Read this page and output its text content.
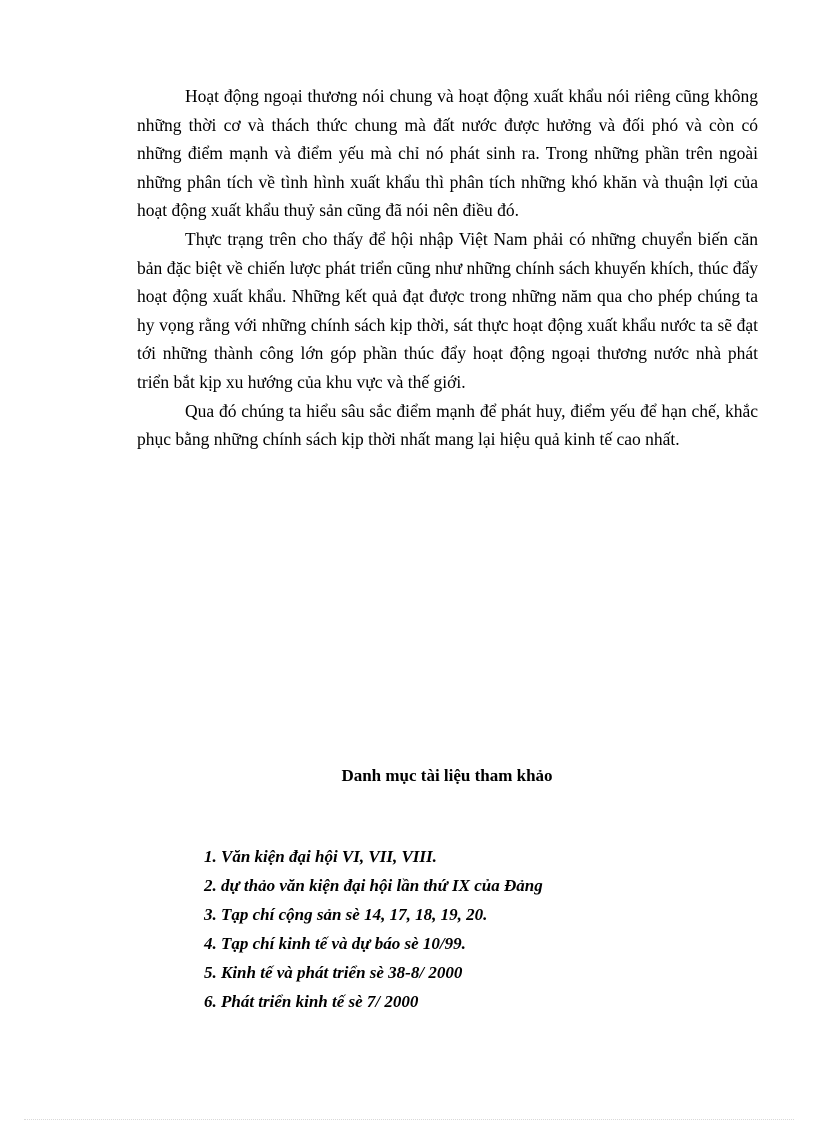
Hoạt động ngoại thương nói chung và hoạt động xuất khẩu nói riêng cũng không những thời cơ và thách thức chung mà đất nước được hưởng và đối phó và còn có những điểm mạnh và điểm yếu mà chỉ nó phát sinh ra. Trong những phần trên ngoài những phân tích về tình hình xuất khẩu thì phân tích những khó khăn và thuận lợi của hoạt động xuất khẩu thuỷ sản cũng đã nói nên điều đó.

Thực trạng trên cho thấy để hội nhập Việt Nam phải có những chuyển biến căn bản đặc biệt về chiến lược phát triển cũng như những chính sách khuyến khích, thúc đẩy hoạt động xuất khẩu. Những kết quả đạt được trong những năm qua cho phép chúng ta hy vọng rằng với những chính sách kịp thời, sát thực hoạt động xuất khẩu nước ta sẽ đạt tới những thành công lớn góp phần thúc đẩy hoạt động ngoại thương nước nhà phát triển bắt kịp xu hướng của khu vực và thế giới.

Qua đó chúng ta hiểu sâu sắc điểm mạnh để phát huy, điểm yếu để hạn chế, khắc phục bằng những chính sách kịp thời nhất mang lại hiệu quả kinh tế cao nhất.

Danh mục tài liệu tham khảo
1. Văn kiện đại hội VI, VII, VIII.
2. dự thảo văn kiện đại hội lần thứ IX của Đảng
3. Tạp chí cộng sản sè 14, 17, 18, 19, 20.
4. Tạp chí kinh tế và dự báo sè 10/99.
5. Kinh tế và phát triển sè 38-8/ 2000
6. Phát triển kinh tế sè 7/ 2000
